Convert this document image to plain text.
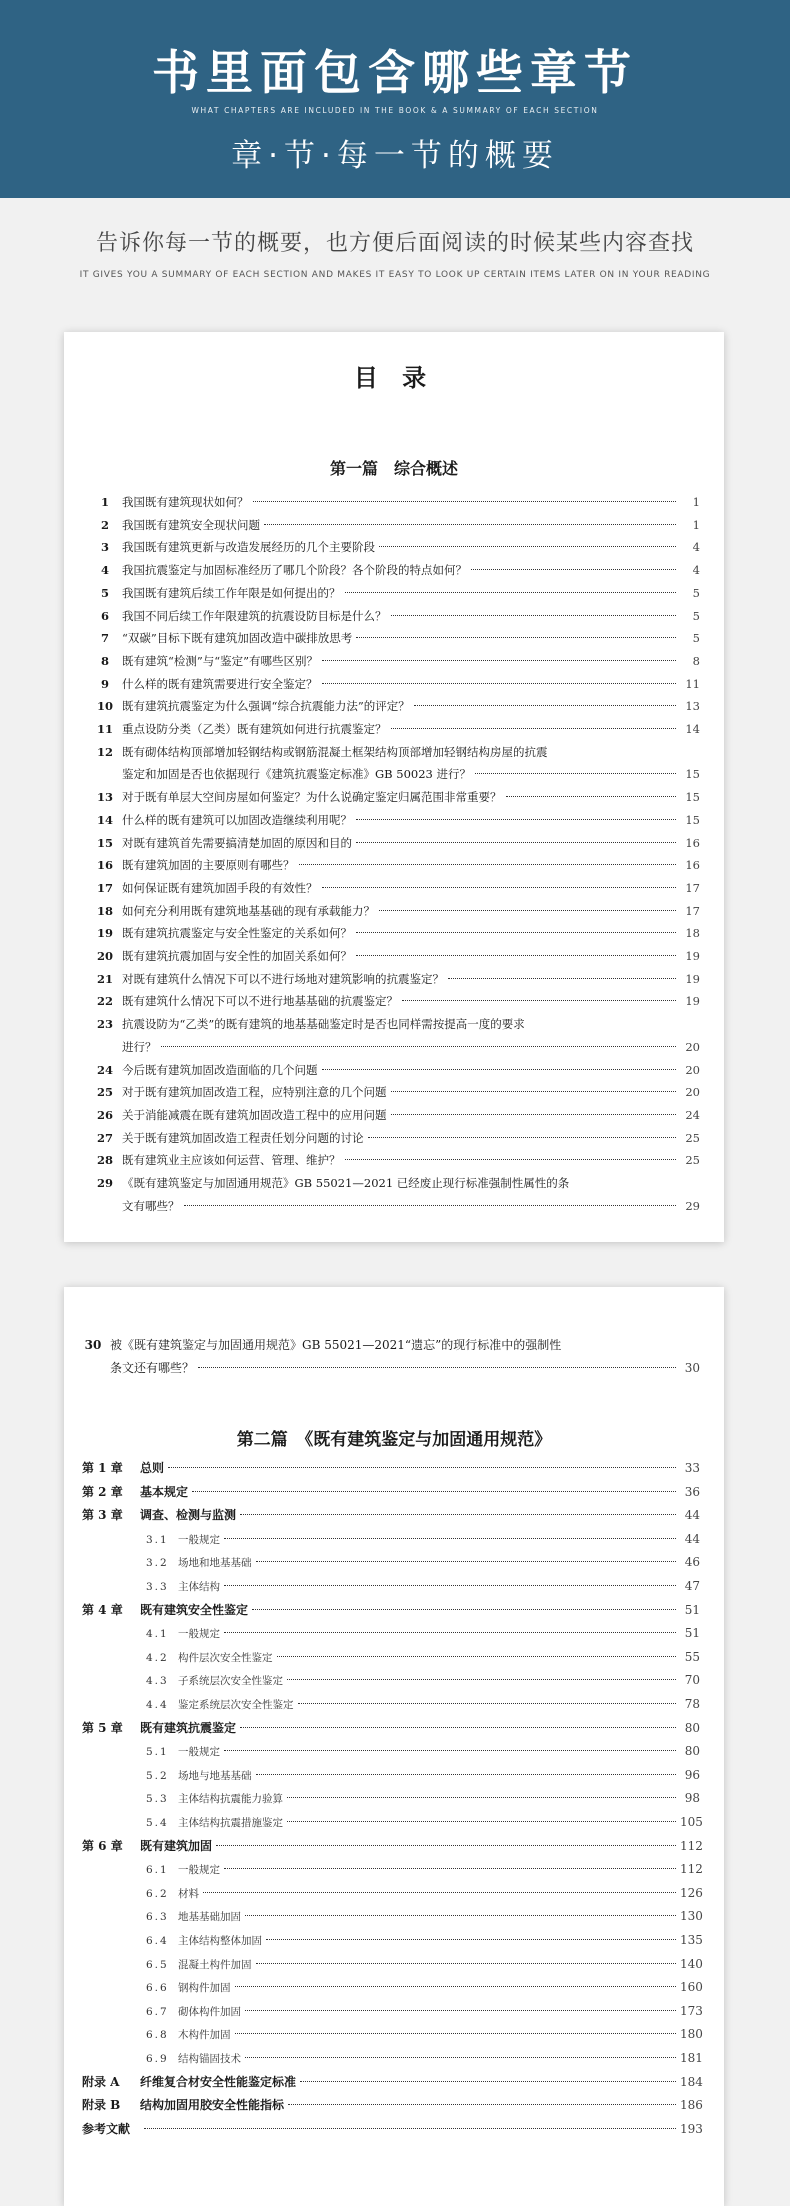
书里面包含哪些章节
WHAT CHAPTERS ARE INCLUDED IN THE BOOK & A SUMMARY OF EACH SECTION
章·节·每一节的概要
告诉你每一节的概要，也方便后面阅读的时候某些内容查找
IT GIVES YOU A SUMMARY OF EACH SECTION AND MAKES IT EASY TO LOOK UP CERTAIN ITEMS LATER ON IN YOUR READING
目 录
第一篇　综合概述
1	我国既有建筑现状如何？	1
2	我国既有建筑安全现状问题	1
3	我国既有建筑更新与改造发展经历的几个主要阶段	4
4	我国抗震鉴定与加固标准经历了哪几个阶段？各个阶段的特点如何？	4
5	我国既有建筑后续工作年限是如何提出的？	5
6	我国不同后续工作年限建筑的抗震设防目标是什么？	5
7	“双碳”目标下既有建筑加固改造中碳排放思考	5
8	既有建筑“检测”与“鉴定”有哪些区别？	8
9	什么样的既有建筑需要进行安全鉴定？	11
10 既有建筑抗震鉴定为什么强调“综合抗震能力法”的评定？	13
11 重点设防分类（乙类）既有建筑如何进行抗震鉴定？	14
12 既有砌体结构顶部增加轻钢结构或钢筋混凝土框架结构顶部增加轻钢结构房屋的抗震
鉴定和加固是否也依据现行《建筑抗震鉴定标准》GB 50023 进行？	15
13 对于既有单层大空间房屋如何鉴定？为什么说确定鉴定归属范围非常重要？	15
14 什么样的既有建筑可以加固改造继续利用呢？	15
15 对既有建筑首先需要搞清楚加固的原因和目的	16
16 既有建筑加固的主要原则有哪些？	16
17 如何保证既有建筑加固手段的有效性？	17
18 如何充分利用既有建筑地基基础的现有承载能力？	17
19 既有建筑抗震鉴定与安全性鉴定的关系如何？	18
20 既有建筑抗震加固与安全性的加固关系如何？	19
21 对既有建筑什么情况下可以不进行场地对建筑影响的抗震鉴定？	19
22 既有建筑什么情况下可以不进行地基基础的抗震鉴定？	19
23 抗震设防为“乙类”的既有建筑的地基基础鉴定时是否也同样需按提高一度的要求
进行？	20
24 今后既有建筑加固改造面临的几个问题	20
25 对于既有建筑加固改造工程，应特别注意的几个问题	20
26 关于消能减震在既有建筑加固改造工程中的应用问题	24
27 关于既有建筑加固改造工程责任划分问题的讨论	25
28 既有建筑业主应该如何运营、管理、维护？	25
29 《既有建筑鉴定与加固通用规范》GB 55021—2021 已经废止现行标准强制性属性的条
文有哪些？	29
30 被《既有建筑鉴定与加固通用规范》GB 55021—2021“遗忘”的现行标准中的强制性
条文还有哪些？	30
第二篇　《既有建筑鉴定与加固通用规范》
第 1 章 总则	33
第 2 章 基本规定	36
第 3 章 调查、检测与监测	44
3.1 一般规定	44
3.2 场地和地基基础	46
3.3 主体结构	47
第 4 章 既有建筑安全性鉴定	51
4.1 一般规定	51
4.2 构件层次安全性鉴定	55
4.3 子系统层次安全性鉴定	70
4.4 鉴定系统层次安全性鉴定	78
第 5 章 既有建筑抗震鉴定	80
5.1 一般规定	80
5.2 场地与地基基础	96
5.3 主体结构抗震能力验算	98
5.4 主体结构抗震措施鉴定	105
第 6 章 既有建筑加固	112
6.1 一般规定	112
6.2 材料	126
6.3 地基基础加固	130
6.4 主体结构整体加固	135
6.5 混凝土构件加固	140
6.6 钢构件加固	160
6.7 砌体构件加固	173
6.8 木构件加固	180
6.9 结构锚固技术	181
附录 A 纤维复合材安全性能鉴定标准	184
附录 B 结构加固用胶安全性能指标	186
参考文献	193
